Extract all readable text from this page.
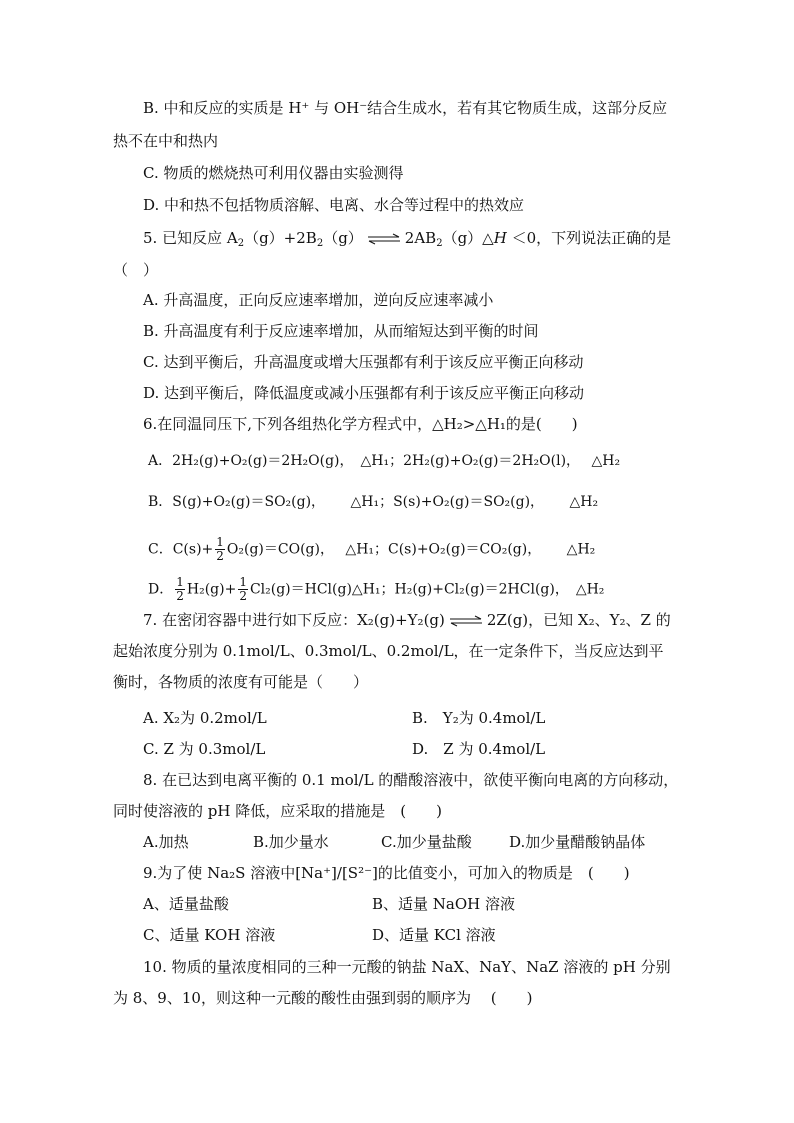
B. 中和反应的实质是 H⁺ 与 OH⁻结合生成水，若有其它物质生成，这部分反应
热不在中和热内
C. 物质的燃烧热可利用仪器由实验测得
D. 中和热不包括物质溶解、电离、水合等过程中的热效应
5. 已知反应 $A_2(g)+2B_2(g)$ ⇌ $2AB_2(g)\triangle H <0$，下列说法正确的是
（　）
A. 升高温度，正向反应速率增加，逆向反应速率减小
B. 升高温度有利于反应速率增加，从而缩短达到平衡的时间
C. 达到平衡后，升高温度或增大压强都有利于该反应平衡正向移动
D. 达到平衡后，降低温度或减小压强都有利于该反应平衡正向移动
6.在同温同压下,下列各组热化学方程式中，△H₂>△H₁的是(　　)
A．2H₂(g)+O₂(g)＝2H₂O(g)，　△H₁；2H₂(g)+O₂(g)＝2H₂O(l)，　 △H₂
B．S(g)+O₂(g)＝SO₂(g)，　　 △H₁；S(s)+O₂(g)＝SO₂(g)，　　 △H₂
C．$C(s)+ \frac{1}{2} O_2(g)=CO(g)$，　 △H₁；C(s)+O₂(g)＝CO₂(g)，　　 △H₂
D． $\frac{1}{2} H_2(g)+ \frac{1}{2}$ Cl₂(g)＝HCl(g)△H₁；H₂(g)+Cl₂(g)＝2HCl(g)，　△H₂
7. 在密闭容器中进行如下反应：X₂(g)+Y₂(g) ⇌ 2Z(g)，已知 X₂、Y₂、Z 的
起始浓度分别为 0.1mol/L、0.3mol/L、0.2mol/L，在一定条件下，当反应达到平
衡时，各物质的浓度有可能是（　　）
A. X₂为 0.2mol/L	B.　Y₂为 0.4mol/L
C. Z 为 0.3mol/L	D.　Z 为 0.4mol/L
8. 在已达到电离平衡的 0.1 mol/L 的醋酸溶液中，欲使平衡向电离的方向移动，
同时使溶液的 pH 降低，应采取的措施是　(　　)
A.加热	B.加少量水	C.加少量盐酸 D.加少量醋酸钠晶体
9.为了使 Na₂S 溶液中[Na⁺]/[S²⁻]的比值变小，可加入的物质是　(　　)
A、适量盐酸	B、适量 NaOH 溶液
C、适量 KOH 溶液	D、适量 KCl 溶液
10. 物质的量浓度相同的三种一元酸的钠盐 NaX、NaY、NaZ 溶液的 pH 分别
为 8、9、10，则这种一元酸的酸性由强到弱的顺序为　 (　　)
